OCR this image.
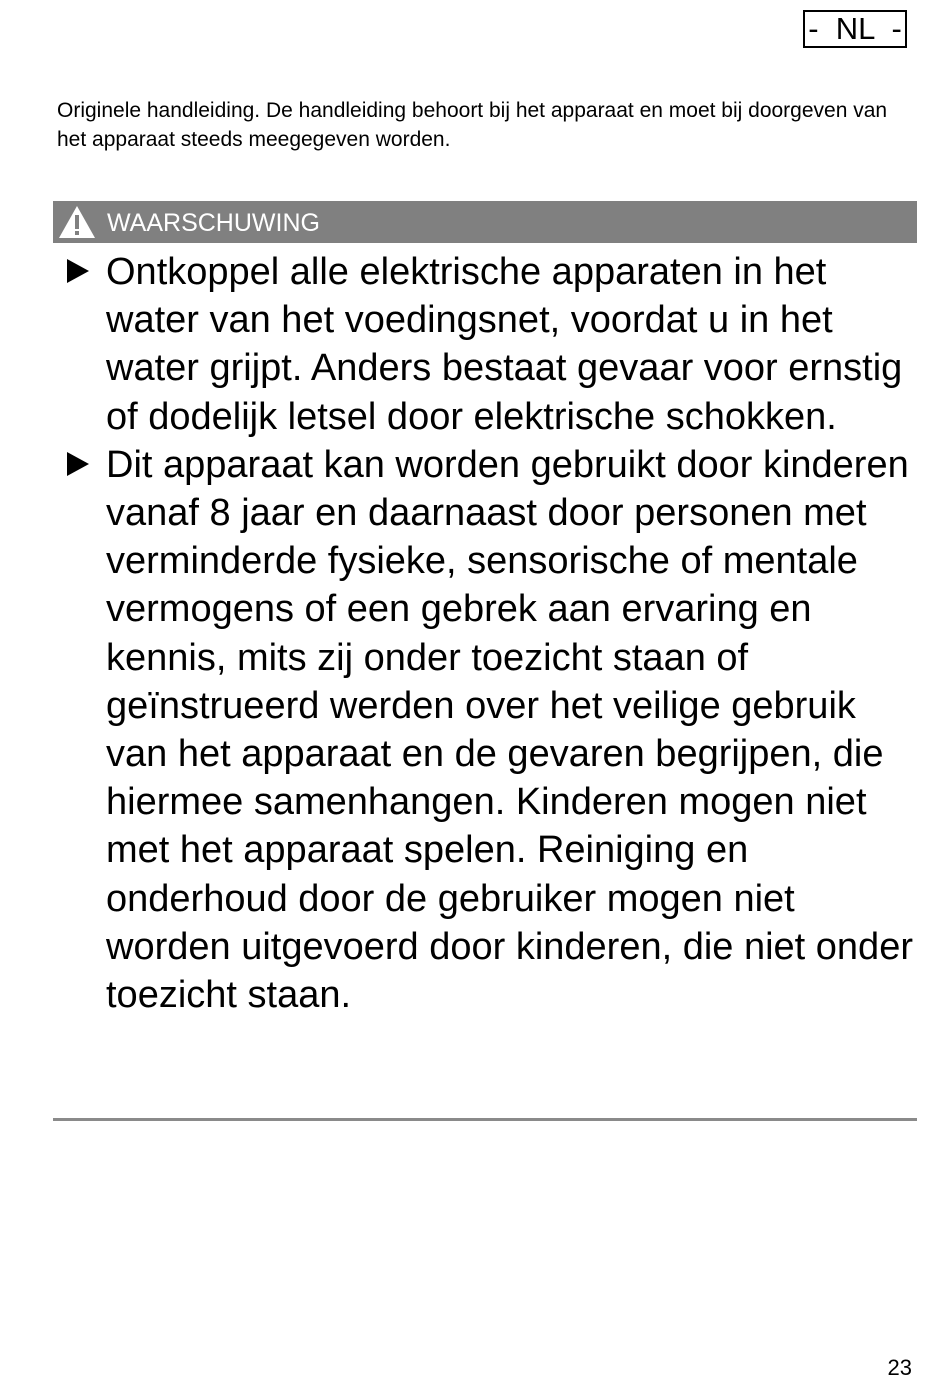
-  NL  -
Originele handleiding. De handleiding behoort bij het apparaat en moet bij doorgeven van het apparaat steeds meegegeven worden.
WAARSCHUWING
Ontkoppel alle elektrische apparaten in het water van het voedingsnet, voordat u in het water grijpt. Anders bestaat gevaar voor ernstig of dodelijk letsel door elektrische schokken.
Dit apparaat kan worden gebruikt door kinderen vanaf 8 jaar en daarnaast door personen met verminderde fysieke, sensorische of mentale vermogens of een gebrek aan ervaring en kennis, mits zij onder toezicht staan of geïnstrueerd werden over het veilige gebruik van het apparaat en de gevaren begrijpen, die hiermee samenhangen. Kinderen mogen niet met het apparaat spelen. Reiniging en onderhoud door de gebruiker mogen niet worden uitgevoerd door kinderen, die niet onder toezicht staan.
23
